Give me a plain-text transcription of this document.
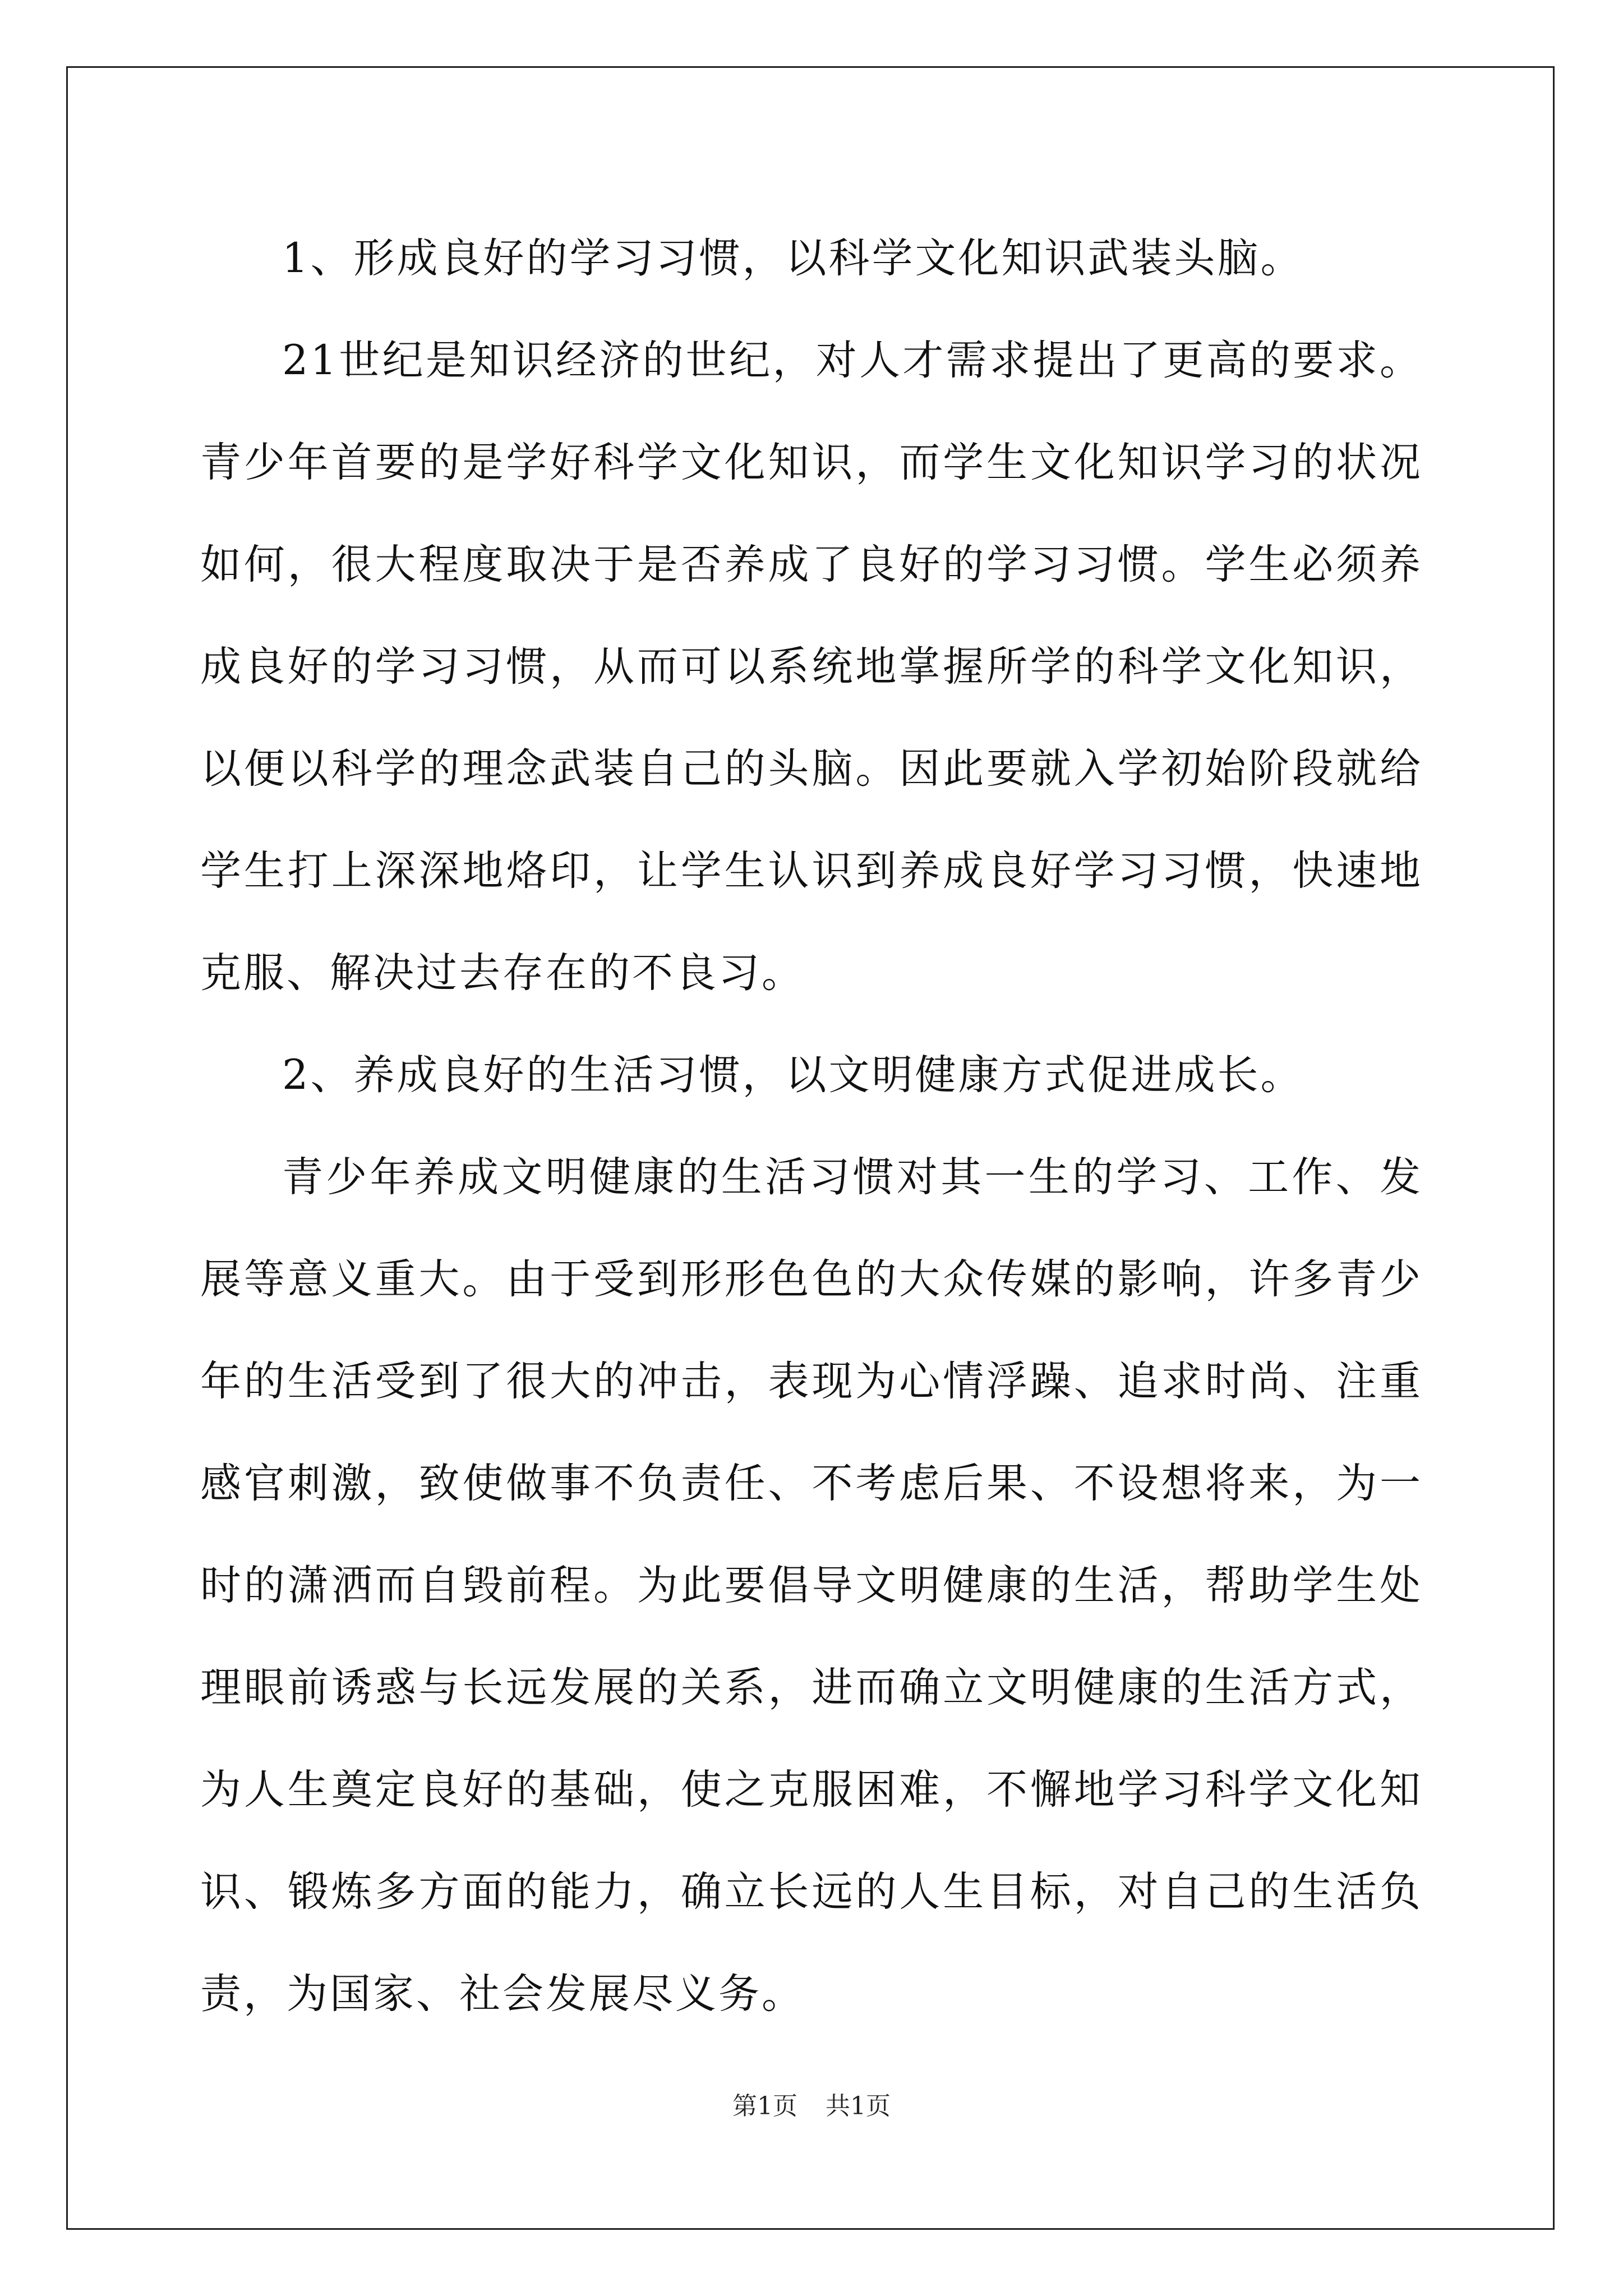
1、形成良好的学习习惯，以科学文化知识武装头脑。

21世纪是知识经济的世纪，对人才需求提出了更高的要求。青少年首要的是学好科学文化知识，而学生文化知识学习的状况如何，很大程度取决于是否养成了良好的学习习惯。学生必须养成良好的学习习惯，从而可以系统地掌握所学的科学文化知识，以便以科学的理念武装自己的头脑。因此要就入学初始阶段就给学生打上深深地烙印，让学生认识到养成良好学习习惯，快速地克服、解决过去存在的不良习。

2、养成良好的生活习惯，以文明健康方式促进成长。

青少年养成文明健康的生活习惯对其一生的学习、工作、发展等意义重大。由于受到形形色色的大众传媒的影响，许多青少年的生活受到了很大的冲击，表现为心情浮躁、追求时尚、注重感官刺激，致使做事不负责任、不考虑后果、不设想将来，为一时的潇洒而自毁前程。为此要倡导文明健康的生活，帮助学生处理眼前诱惑与长远发展的关系，进而确立文明健康的生活方式，为人生奠定良好的基础，使之克服困难，不懈地学习科学文化知识、锻炼多方面的能力，确立长远的人生目标，对自己的生活负责，为国家、社会发展尽义务。

第1页 共1页
